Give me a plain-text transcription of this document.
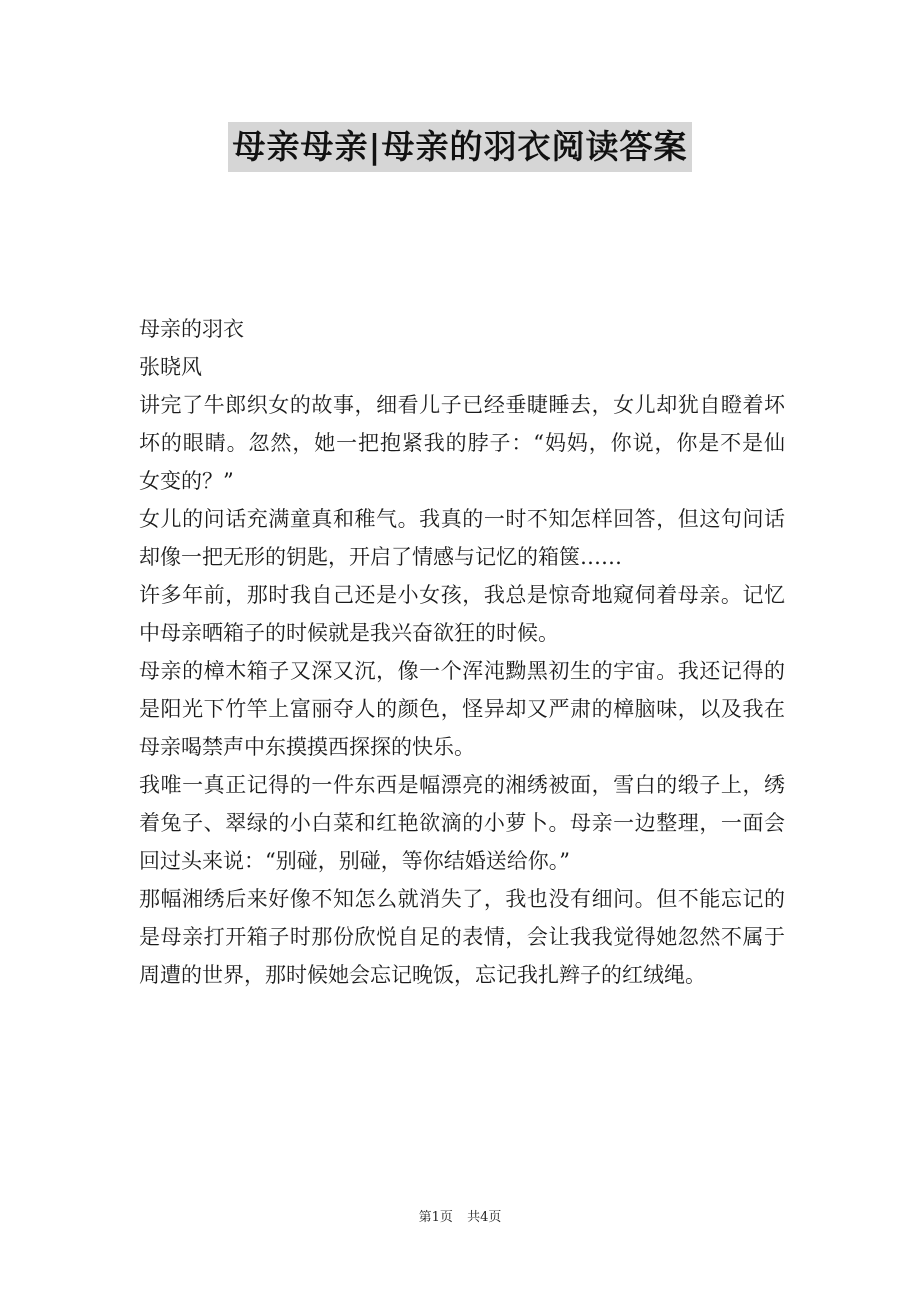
母亲母亲|母亲的羽衣阅读答案

母亲的羽衣

张晓风

讲完了牛郎织女的故事，细看儿子已经垂睫睡去，女儿却犹自瞪着坏

坏的眼睛。忽然，她一把抱紧我的脖子：“妈妈，你说，你是不是仙

女变的？”

女儿的问话充满童真和稚气。我真的一时不知怎样回答，但这句问话

却像一把无形的钥匙，开启了情感与记忆的箱箧……

许多年前，那时我自己还是小女孩，我总是惊奇地窥伺着母亲。记忆

中母亲晒箱子的时候就是我兴奋欲狂的时候。

母亲的樟木箱子又深又沉，像一个浑沌黝黑初生的宇宙。我还记得的

是阳光下竹竿上富丽夺人的颜色，怪异却又严肃的樟脑味，以及我在

母亲喝禁声中东摸摸西探探的快乐。

我唯一真正记得的一件东西是幅漂亮的湘绣被面，雪白的缎子上，绣

着兔子、翠绿的小白菜和红艳欲滴的小萝卜。母亲一边整理，一面会

回过头来说：“别碰，别碰，等你结婚送给你。”

那幅湘绣后来好像不知怎么就消失了，我也没有细问。但不能忘记的

是母亲打开箱子时那份欣悦自足的表情，会让我我觉得她忽然不属于

周遭的世界，那时候她会忘记晚饭，忘记我扎辫子的红绒绳。

第1页 共4页
